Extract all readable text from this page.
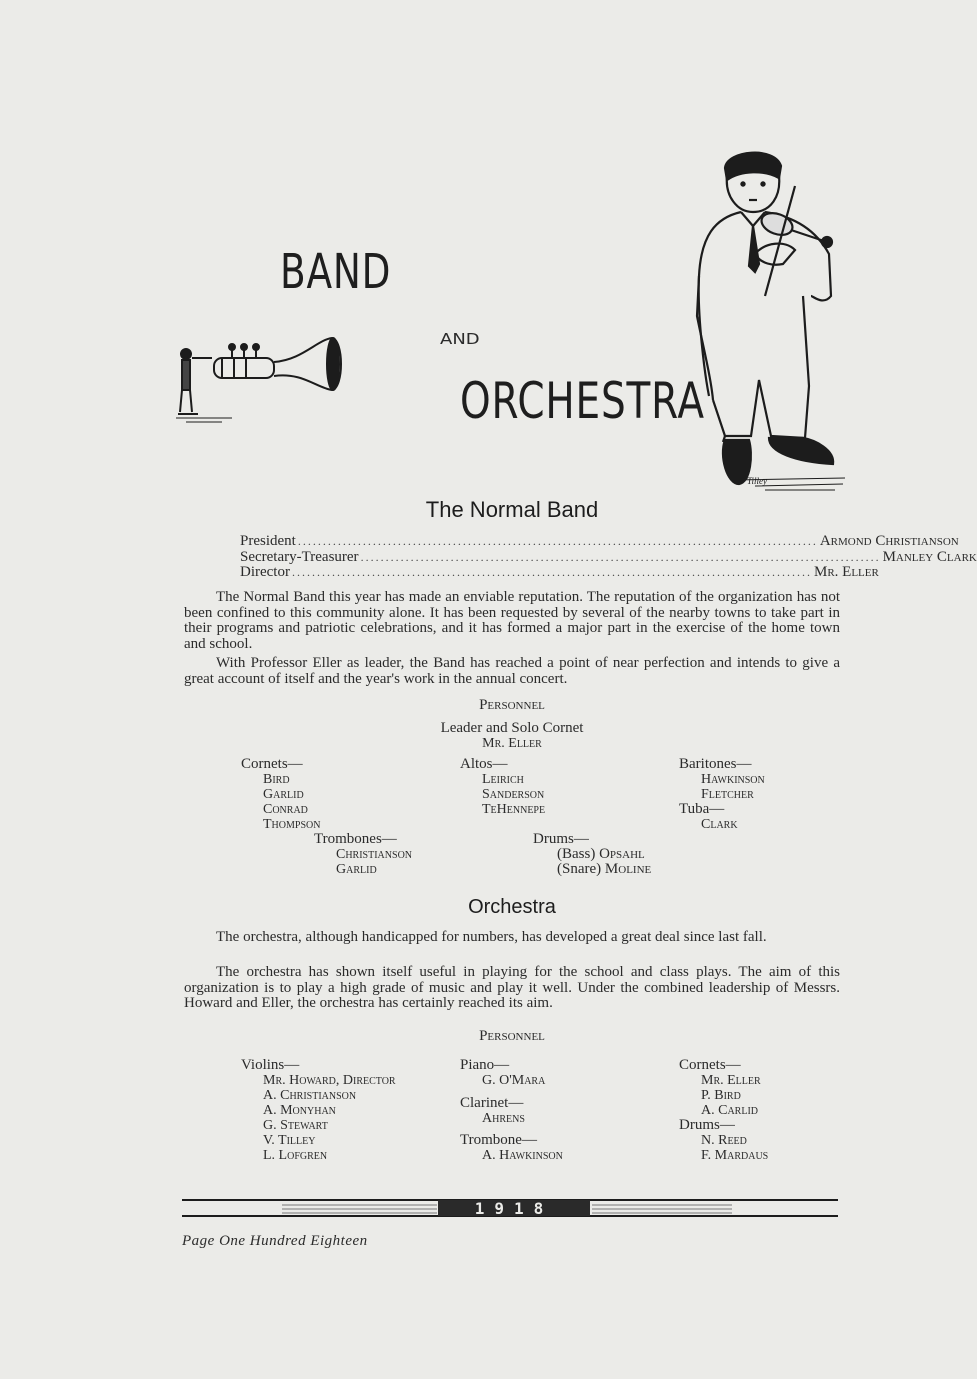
BAND
AND
ORCHESTRA
Tilley
The Normal Band
President ........................................................................................................ Armond Christianson
Secretary-Treasurer ........................................................................................................ Manley Clark
Director ........................................................................................................ Mr. Eller

The Normal Band this year has made an enviable reputation. The reputation of the organization has not been confined to this community alone. It has been requested by several of the nearby towns to take part in their programs and patriotic celebrations, and it has formed a major part in the exercise of the home town and school.

With Professor Eller as leader, the Band has reached a point of near perfection and intends to give a great account of itself and the year's work in the annual concert.

Personnel
Leader and Solo Cornet
Mr. Eller
Cornets—
Bird
Garlid
Conrad
Thompson
Altos—
Leirich
Sanderson
TeHennepe
Baritones—
Hawkinson
Fletcher
Tuba—
Clark
Trombones—
Christianson
Garlid
Drums—
(Bass) Opsahl
(Snare) Moline
Orchestra

The orchestra, although handicapped for numbers, has developed a great deal since last fall.

The orchestra has shown itself useful in playing for the school and class plays. The aim of this organization is to play a high grade of music and play it well. Under the combined leadership of Messrs. Howard and Eller, the orchestra has certainly reached its aim.

Personnel
Violins—
Mr. Howard, Director
A. Christianson
A. Monyhan
G. Stewart
V. Tilley
L. Lofgren
Piano—
G. O'Mara
Clarinet—
Ahrens
Trombone—
A. Hawkinson
Cornets—
Mr. Eller
P. Bird
A. Carlid
Drums—
N. Reed
F. Mardaus
1918
Page One Hundred Eighteen
